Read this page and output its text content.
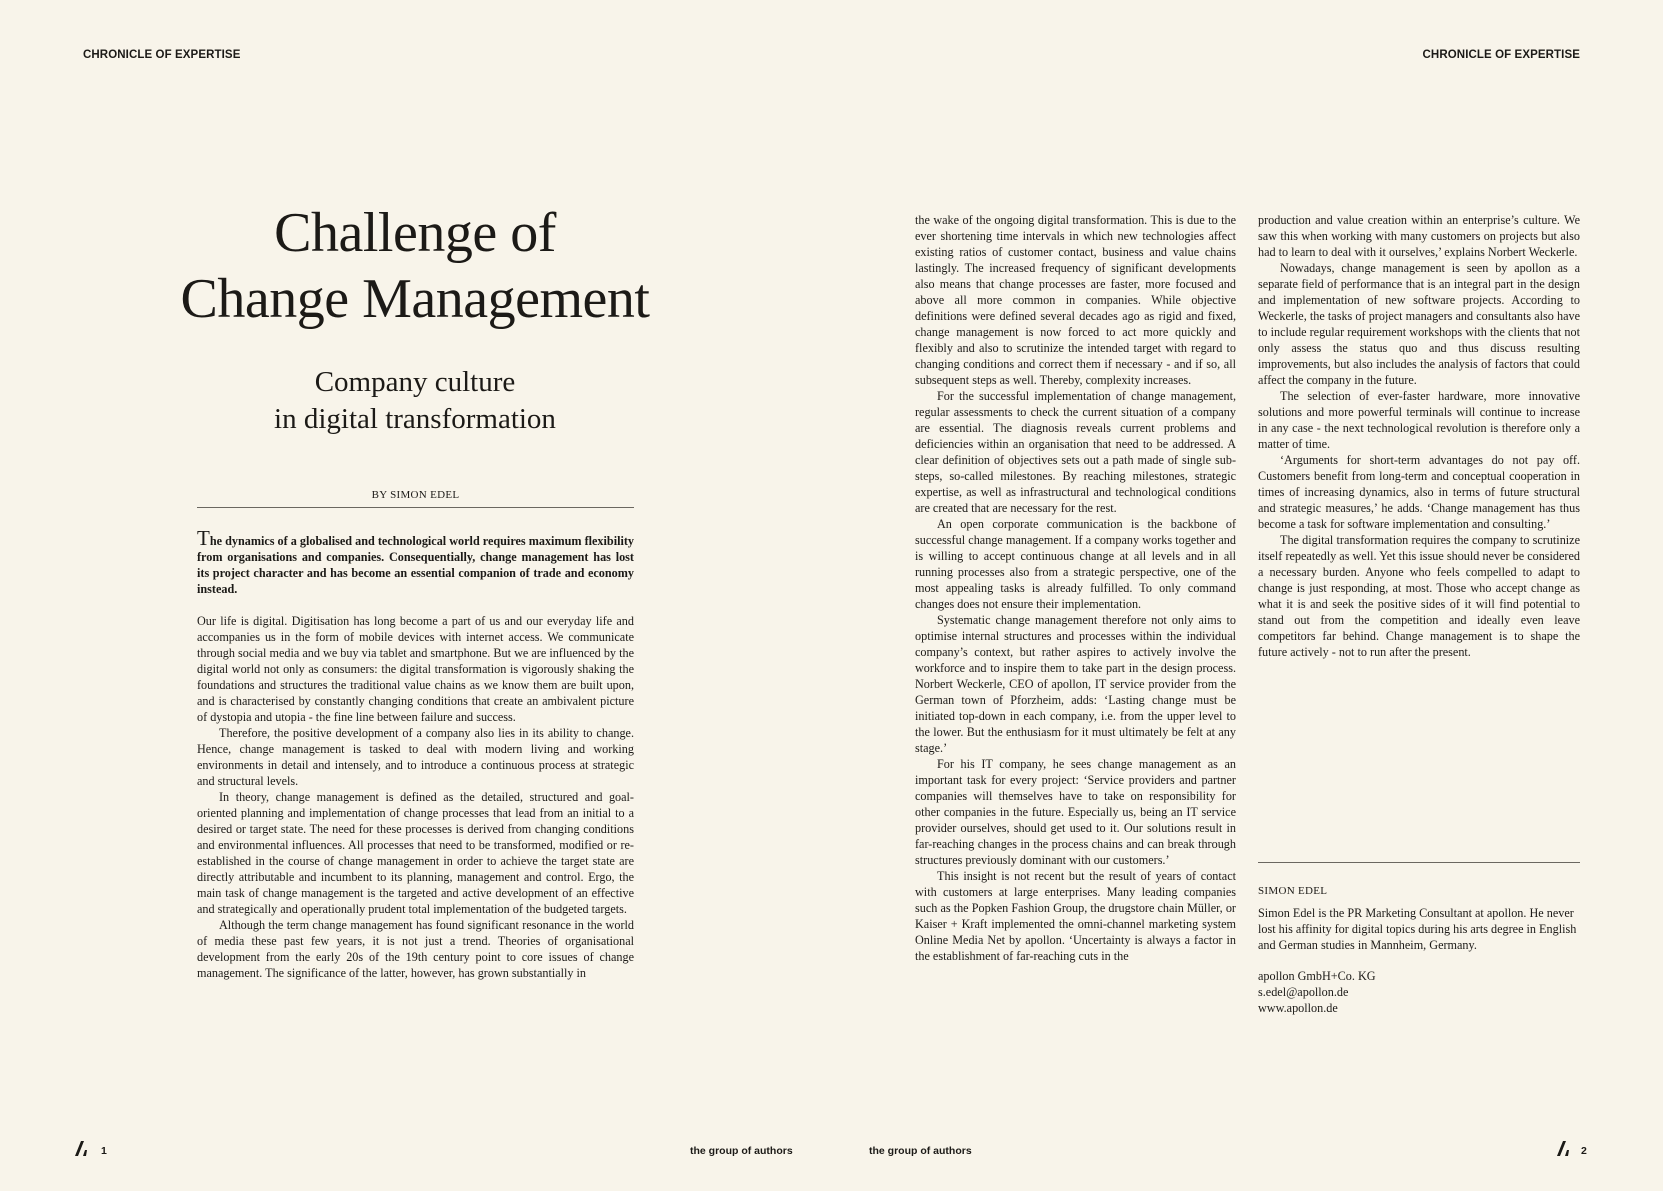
CHRONICLE OF EXPERTISE	CHRONICLE OF EXPERTISE
Challenge of
Change Management
Company culture
in digital transformation
BY SIMON EDEL

The dynamics of a globalised and technological world requires maximum flexibility from organisations and companies. Consequentially, change management has lost its project character and has become an essential companion of trade and economy instead.

Our life is digital. Digitisation has long become a part of us and our everyday life and accompanies us in the form of mobile devices with internet access. We communicate through social media and we buy via tablet and smartphone. But we are influenced by the digital world not only as consumers: the digital transformation is vigorously shaking the foundations and structures the traditional value chains as we know them are built upon, and is characterised by constantly changing conditions that create an ambivalent picture of dystopia and utopia - the fine line between failure and success.

Therefore, the positive development of a company also lies in its ability to change. Hence, change management is tasked to deal with modern living and working environments in detail and intensely, and to introduce a continuous process at strategic and structural levels.

In theory, change management is defined as the detailed, structured and goal-oriented planning and implementation of change processes that lead from an initial to a desired or target state. The need for these processes is derived from changing conditions and environmental influences. All processes that need to be transformed, modified or re-established in the course of change management in order to achieve the target state are directly attributable and incumbent to its planning, management and control. Ergo, the main task of change management is the targeted and active development of an effective and strategically and operationally prudent total implementation of the budgeted targets.

Although the term change management has found significant resonance in the world of media these past few years, it is not just a trend. Theories of organisational development from the early 20s of the 19th century point to core issues of change management. The significance of the latter, however, has grown substantially in

the wake of the ongoing digital transformation. This is due to the ever shortening time intervals in which new technologies affect existing ratios of customer contact, business and value chains lastingly. The increased frequency of significant developments also means that change processes are faster, more focused and above all more common in companies. While objective definitions were defined several decades ago as rigid and fixed, change management is now forced to act more quickly and flexibly and also to scrutinize the intended target with regard to changing conditions and correct them if necessary - and if so, all subsequent steps as well. Thereby, complexity increases.

For the successful implementation of change management, regular assessments to check the current situation of a company are essential. The diagnosis reveals current problems and deficiencies within an organisation that need to be addressed. A clear definition of objectives sets out a path made of single sub-steps, so-called milestones. By reaching milestones, strategic expertise, as well as infrastructural and technological conditions are created that are necessary for the rest.

An open corporate communication is the backbone of successful change management. If a company works together and is willing to accept continuous change at all levels and in all running processes also from a strategic perspective, one of the most appealing tasks is already fulfilled. To only command changes does not ensure their implementation.

Systematic change management therefore not only aims to optimise internal structures and processes within the individual company’s context, but rather aspires to actively involve the workforce and to inspire them to take part in the design process. Norbert Weckerle, CEO of apollon, IT service provider from the German town of Pforzheim, adds: ‘Lasting change must be initiated top-down in each company, i.e. from the upper level to the lower. But the enthusiasm for it must ultimately be felt at any stage.’

For his IT company, he sees change management as an important task for every project: ‘Service providers and partner companies will themselves have to take on responsibility for other companies in the future. Especially us, being an IT service provider ourselves, should get used to it. Our solutions result in far-reaching changes in the process chains and can break through structures previously dominant with our customers.’

This insight is not recent but the result of years of contact with customers at large enterprises. Many leading companies such as the Popken Fashion Group, the drugstore chain Müller, or Kaiser + Kraft implemented the omni-channel marketing system Online Media Net by apollon. ‘Uncertainty is always a factor in the establishment of far-reaching cuts in the

production and value creation within an enterprise’s culture. We saw this when working with many customers on projects but also had to learn to deal with it ourselves,’ explains Norbert Weckerle.

Nowadays, change management is seen by apollon as a separate field of performance that is an integral part in the design and implementation of new software projects. According to Weckerle, the tasks of project managers and consultants also have to include regular requirement workshops with the clients that not only assess the status quo and thus discuss resulting improvements, but also includes the analysis of factors that could affect the company in the future.

The selection of ever-faster hardware, more innovative solutions and more powerful terminals will continue to increase in any case - the next technological revolution is therefore only a matter of time.

‘Arguments for short-term advantages do not pay off. Customers benefit from long-term and conceptual cooperation in times of increasing dynamics, also in terms of future structural and strategic measures,’ he adds. ‘Change management has thus become a task for software implementation and consulting.’

The digital transformation requires the company to scrutinize itself repeatedly as well. Yet this issue should never be considered a necessary burden. Anyone who feels compelled to adapt to change is just responding, at most. Those who accept change as what it is and seek the positive sides of it will find potential to stand out from the competition and ideally even leave competitors far behind. Change management is to shape the future actively - not to run after the present.

SIMON EDEL

Simon Edel is the PR Marketing Consultant at apollon. He never lost his affinity for digital topics during his arts degree in English and German studies in Mannheim, Germany.

apollon GmbH+Co. KG
s.edel@apollon.de
www.apollon.de
1	the group of authors	the group of authors	2
